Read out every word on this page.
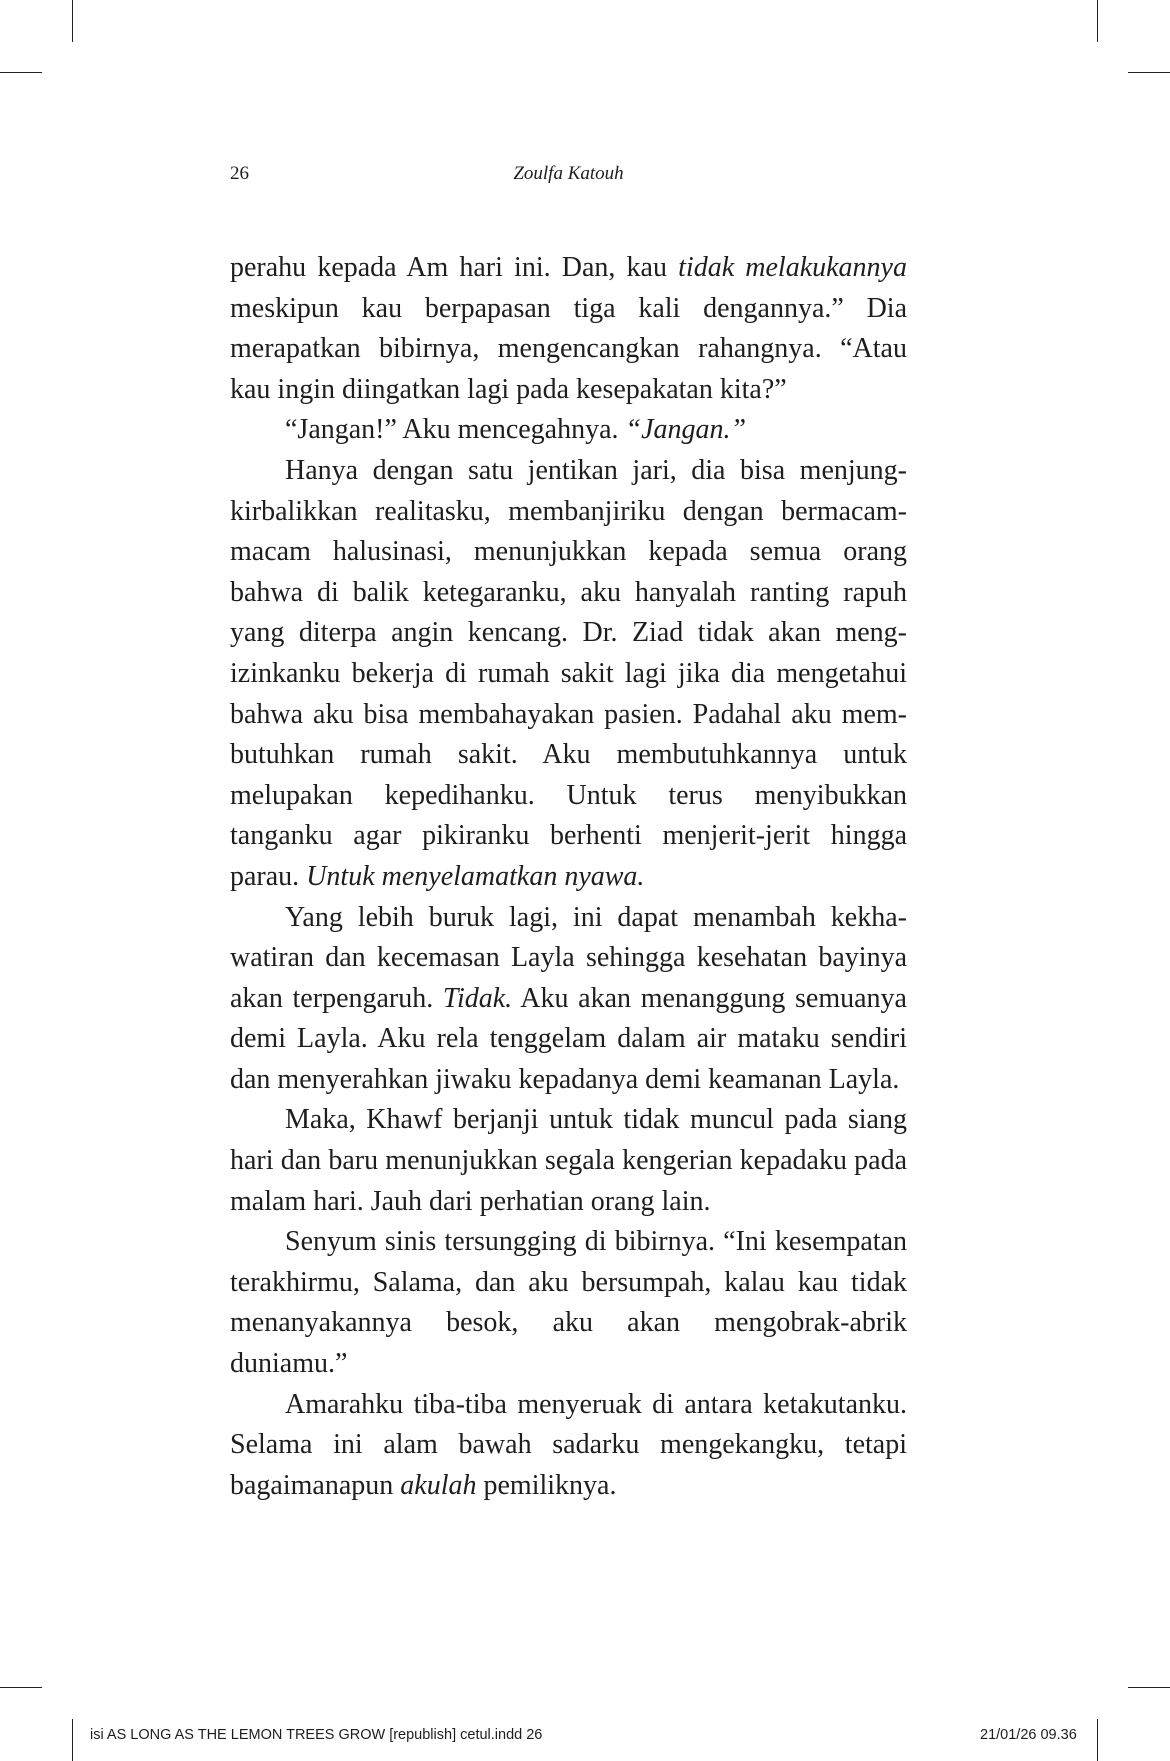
26	Zoulfa Katouh

perahu kepada Am hari ini. Dan, kau tidak melakukannya meskipun kau berpapasan tiga kali dengannya.” Dia merapatkan bibirnya, mengencangkan rahangnya. “Atau kau ingin diingatkan lagi pada kesepakatan kita?”

“Jangan!” Aku mencegahnya. “Jangan.”

Hanya dengan satu jentikan jari, dia bisa menjungkirbalikkan realitasku, membanjiriku dengan bermacam-macam halusinasi, menunjukkan kepada semua orang bahwa di balik ketegaranku, aku hanyalah ranting rapuh yang diterpa angin kencang. Dr. Ziad tidak akan mengizinkanku bekerja di rumah sakit lagi jika dia mengetahui bahwa aku bisa membahayakan pasien. Padahal aku membutuhkan rumah sakit. Aku membutuhkannya untuk melupakan kepedihanku. Untuk terus menyibukkan tanganku agar pikiranku berhenti menjerit-jerit hingga parau. Untuk menyelamatkan nyawa.

Yang lebih buruk lagi, ini dapat menambah kekhawatiran dan kecemasan Layla sehingga kesehatan bayinya akan terpengaruh. Tidak. Aku akan menanggung semuanya demi Layla. Aku rela tenggelam dalam air mataku sendiri dan menyerahkan jiwaku kepadanya demi keamanan Layla.

Maka, Khawf berjanji untuk tidak muncul pada siang hari dan baru menunjukkan segala kengerian kepadaku pada malam hari. Jauh dari perhatian orang lain.

Senyum sinis tersungging di bibirnya. “Ini kesempatan terakhirmu, Salama, dan aku bersumpah, kalau kau tidak menanyakannya besok, aku akan mengobrak-abrik duniamu.”

Amarahku tiba-tiba menyeruak di antara ketakutanku. Selama ini alam bawah sadarku mengekangku, tetapi bagaimanapun akulah pemiliknya.

isi AS LONG AS THE LEMON TREES GROW [republish] cetul.indd 26	21/01/26 09.36
